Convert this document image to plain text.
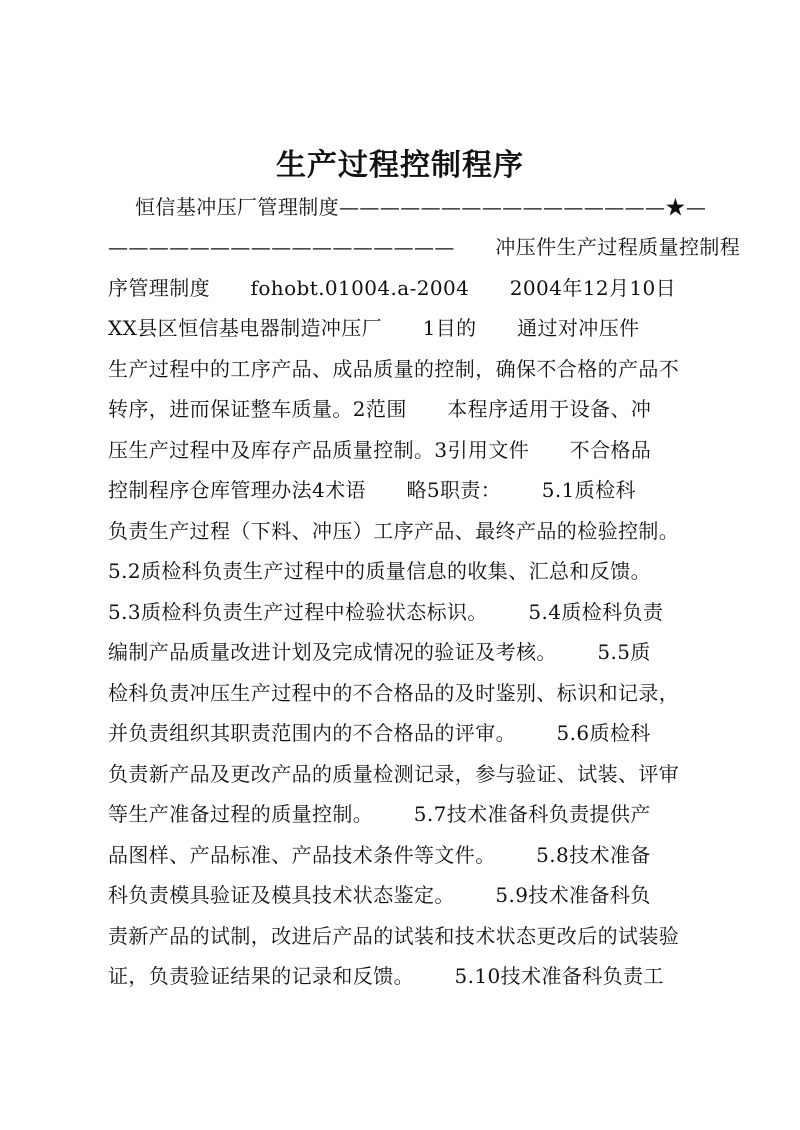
生产过程控制程序
恒信基冲压厂管理制度————————————————★—
—————————————————      冲压件生产过程质量控制程
序管理制度      fohobt.01004.a-2004      2004年12月10日
XX县区恒信基电器制造冲压厂      1目的      通过对冲压件
生产过程中的工序产品、成品质量的控制，确保不合格的产品不
转序，进而保证整车质量。2范围      本程序适用于设备、冲
压生产过程中及库存产品质量控制。3引用文件      不合格品
控制程序仓库管理办法4术语      略5职责：      5.1质检科
负责生产过程（下料、冲压）工序产品、最终产品的检验控制。
5.2质检科负责生产过程中的质量信息的收集、汇总和反馈。
5.3质检科负责生产过程中检验状态标识。      5.4质检科负责
编制产品质量改进计划及完成情况的验证及考核。      5.5质
检科负责冲压生产过程中的不合格品的及时鉴别、标识和记录，
并负责组织其职责范围内的不合格品的评审。      5.6质检科
负责新产品及更改产品的质量检测记录，参与验证、试装、评审
等生产准备过程的质量控制。      5.7技术准备科负责提供产
品图样、产品标准、产品技术条件等文件。      5.8技术准备
科负责模具验证及模具技术状态鉴定。      5.9技术准备科负
责新产品的试制，改进后产品的试装和技术状态更改后的试装验
证，负责验证结果的记录和反馈。      5.10技术准备科负责工
